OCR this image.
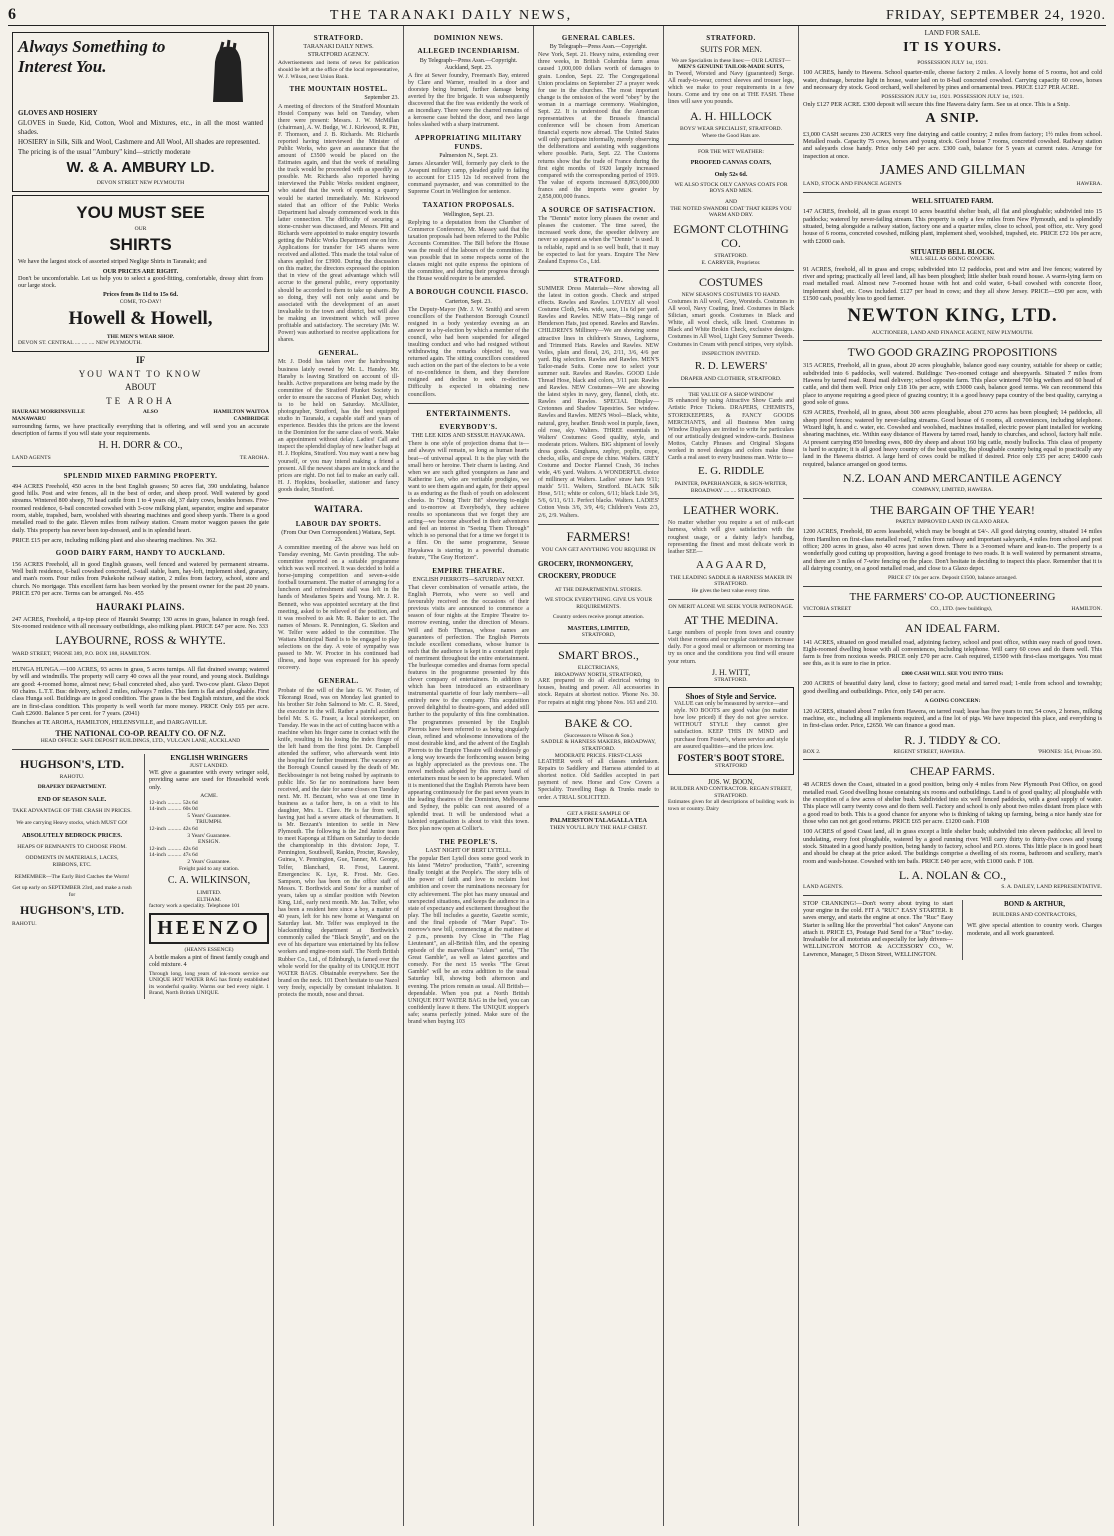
6	THE TARANAKI DAILY NEWS,	FRIDAY, SEPTEMBER 24, 1920.
Always Something to Interest You.
GLOVES AND HOSIERY

GLOVES in Suede, Kid, Cotton, Wool and Mixtures, etc., in all the most wanted shades.

HOSIERY in Silk, Silk and Wool, Cashmere and All Wool, All shades are represented.

The pricing is of the usual "Ambury" kind—strictly moderate

W. & A. AMBURY LD.
DEVON STREET NEW PLYMOUTH
YOU MUST SEE
OUR
SHIRTS

We have the largest stock of assorted striped Neglige Shirts in Taranaki; and

OUR PRICES ARE RIGHT.

Don't be uncomfortable. Let us help you to select a good-fitting, comfortable, dressy shirt from our large stock.

Prices from 8s 11d to 15s 6d.
COME, TO-DAY!
Howell & Howell,
THE MEN'S WEAR SHOP.
DEVON ST. CENTRAL .... .... .... NEW PLYMOUTH.
IF
YOU WANT TO KNOW
ABOUT
TE AROHA
HAURAKI MORRINSVILLE MANAWARU
ALSO	HAMILTON WAITOA CAMBRIDGE

surrounding farms, we have practically everything that is offering, and will send you an accurate description of farms if you will state your requirements.

H. H. DORR & CO.,
LAND AGENTS	TE AROHA.
SPLENDID MIXED FARMING PROPERTY.

494 ACRES Freehold, 450 acres in the best English grasses; 50 acres flat, 390 undulating, balance good hills. Post and wire fences, all in the best of order, and sheep proof. Well watered by good streams. Wintered 800 sheep, 70 head cattle from 1 to 4 years old, 37 dairy cows, besides horses. Five-roomed residence, 6-bail concreted cowshed with 3-cow milking plant, separator, engine and separator room, stable, trapshed, barn, woolshed with shearing machines and good sheep yards. There is a good metalled road to the gate. Eleven miles from railway station. Cream motor waggon passes the gate daily. This property has never been top-dressed, and is in splendid heart.

PRICE £15 per acre, including milking plant and also shearing machines. No. 362.

GOOD DAIRY FARM, HANDY TO AUCKLAND.

156 ACRES Freehold, all in good English grasses, well fenced and watered by permanent streams. Well built residence, 6-bail cowshed concreted, 3-stall stable, barn, hay-loft, implement shed, granary, and man's room. Four miles from Pukekohe railway station, 2 miles from factory, school, store and church. No mortgage. This excellent farm has been worked by the present owner for the past 20 years. PRICE £70 per acre. Terms can be arranged. No. 455

HAURAKI PLAINS.

247 ACRES, Freehold, a tip-top piece of Hauraki Swamp; 130 acres in grass, balance in rough feed. Six-roomed residence with all necessary outbuildings, also milking plant. PRICE £47 per acre. No. 333

LAYBOURNE, ROSS & WHYTE.
WARD STREET, 'PHONE 389, P.O. BOX 188, HAMILTON.

HUNGA HUNGA.—100 ACRES, 93 acres in grass, 5 acres turnips. All flat drained swamp; watered by will and windmills. The property will carry 40 cows all the year round, and young stock. Buildings are good: 4-roomed home, almost new; 6-bail concreted shed, also yard. Two-cow plant. Glaxo Depot 60 chains. L.T.T. Bus: delivery, school 2 miles, railways 7 miles. This farm is flat and ploughable. First class Hunga soil. Buildings are in good condition. The grass is the best English mixture, and the stock are in first-class condition. This property is well worth far more money. PRICE Only £65 per acre. Cash £2600. Balance 5 per cent. for 7 years. (2041)

Branches at TE AROHA, HAMILTON, HELENSVILLE, and DARGAVILLE.

THE NATIONAL CO-OP. REALTY CO. OF N.Z.
HEAD OFFICE: SAFE DEPOSIT BUILDINGS, LTD., VULCAN LANE, AUCKLAND
HUGHSON'S, LTD.
RAHOTU.
DRAPERY DEPARTMENT.
END OF SEASON SALE.
TAKE ADVANTAGE OF THE CRASH IN PRICES.
We are carrying Heavy stocks, which MUST GO!
ABSOLUTELY BEDROCK PRICES.
HEAPS OF REMNANTS TO CHOOSE FROM.
ODDMENTS IN MATERIALS, LACES, RIBBONS, ETC.
REMEMBER—The Early Bird Catches the Worm!
Get up early on SEPTEMBER 23rd, and make a rush for
HUGHSON'S, LTD.
RAHOTU.
ENGLISH WRINGERS
JUST LANDED.

WE give a guarantee with every wringer sold, providing same are used for Household work only.

ACME.
12-inch .......... 52s 6d
14-inch .......... 60s 0d
5 Years' Guarantee.
TRIUMPH.
12-inch .......... 42s 6d
3 Years' Guarantee.
ENSIGN.
12-inch .......... 42s 6d
14-inch .......... 47s 6d
2 Years' Guarantee.
Freight paid to any station.
C. A. WILKINSON,
LIMITED.
ELTHAM.
factory work a speciality. Telephone 101
HEENZO
(HEAN'S ESSENCE)

A bottle makes a pint of finest family cough and cold mixture. 4

Through long, long years of ink-room service our UNIQUE HOT WATER BAG has firmly established its wonderful quality. Warms our bed every night. 1 Brand, North British UNIQUE.

STRATFORD.
TARANAKI DAILY NEWS.
STRATFORD AGENCY.

Advertisements and items of news for publication should be left at the office of the local representative, W. J. Wilson, next Union Bank.

THE MOUNTAIN HOSTEL.
September 23.

A meeting of directors of the Stratford Mountain Hostel Company was held on Tuesday, when there were present: Messrs. J. W. McMillan (chairman), A. W. Budge, W. J. Kirkwood, R. Pitt, F. Thomson, and J. B. Richards. Mr. Richards reported having interviewed the Minister of Public Works, who gave an assurance that the amount of £3500 would be placed on the Estimates again, and that the work of metalling the track would be proceeded with as speedily as possible. Mr. Richards also reported having interviewed the Public Works resident engineer, who stated that the work of opening a quarry would be started immediately. Mr. Kirkwood stated that an officer of the Public Works Department had already commenced work in this latter connection. The difficulty of securing a stone-crusher was discussed, and Messrs. Pitt and Richards were appointed to make enquiry towards getting the Public Works Department one on hire. Applications for transfer for 145 shares were received and allotted. This made the total value of shares applied for £3900. During the discussion on this matter, the directors expressed the opinion that in view of the great advantage which will accrue to the general public, every opportunity should be accorded to them to take up shares. By so doing, they will not only assist and be associated with the development of an asset invaluable to the town and district, but will also be making an investment which will prove profitable and satisfactory. The secretary (Mr. W. Power) was authorised to receive applications for shares.

GENERAL.

Mr. J. Dodd has taken over the hairdressing business lately owned by Mr. L. Hansby. Mr. Hansby is leaving Stratford on account of ill-health. Active preparations are being made by the committee of the Stratford Plunket Society in order to ensure the success of Plunket Day, which is to be held on Saturday. McAllister, photographer, Stratford, has the best equipped studio in Taranaki, a capable staff and years of experience. Besides this the prices are the lowest in the Dominion for the same class of work. Make an appointment without delay. Ladies! Call and inspect the splendid display of new leather bags at H. J. Hopkins, Stratford. You may want a new bag yourself, or you may intend making a friend a present. All the newest shapes are in stock and the prices are right. Do not fail to make an early call. H. J. Hopkins, bookseller, stationer and fancy goods dealer, Stratford.

WAITARA.
LABOUR DAY SPORTS.
(From Our Own Correspondent.) Waitara, Sept. 23.

A committee meeting of the above was held on Tuesday evening, Mr. Gavin presiding. The sub-committee reported on a suitable programme which was well received. It was decided to hold a horse-jumping competition and seven-a-side football tournament. The matter of arranging for a luncheon and refreshment stall was left in the hands of Mesdames Speirs and Young. Mr. J. R. Bennett, who was appointed secretary at the first meeting, asked to be relieved of the position, and it was resolved to ask Mr. R. Baker to act. The names of Messrs. R. Pennington, G. Skelton and W. Telfer were added to the committee. The Waitara Municipal Band is to be engaged to play selections on the day. A vote of sympathy was passed to Mr. W. Proctor in his continued bad illness, and hope was expressed for his speedy recovery.

GENERAL.

Probate of the will of the late G. W. Foster, of Tikorangi Road, was on Monday last granted to his brother Sir John Salmond to Mr. C. R. Steed, the executor in the will. Rather a painful accident befel Mr. S. G. Fraser, a local storekeeper, on Tuesday. He was in the act of cutting bacon with a machine when his finger came in contact with the knife, resulting in his losing the index finger of the left hand from the first joint. Dr. Campbell attended the sufferer, who afterwards went into the hospital for further treatment. The vacancy on the Borough Council caused by the death of Mr. Beckbossinger is not being rushed by aspirants to public life. So far no nominations have been received, and the date for same closes on Tuesday next. Mr. H. Bezzant, who was at one time in business as a tailor here, is on a visit to his daughter, Mrs. L. Clare. He is far from well, having just had a severe attack of rheumatism. It is Mr. Bezzant's intention to settle in New Plymouth. The following is the 2nd Junior team to meet Kaponga at Eltham on Saturday to decide the championship in this division: Jope, T. Pennington, Southwell, Rankin, Procter, Rawsley, Guinea, V. Pennington, Gue, Tanner, M. George, Telfer, Blanchard, R. Frost, Laurent. Emergencies: K. Lye, R. Frost. Mr. Geo. Sampson, who has been on the office staff of Messrs. T. Borthwick and Sons' for a number of years, takes up a similar position with Newton King, Ltd., early next month. Mr. Jas. Telfer, who has been a resident here since a boy, a matter of 40 years, left for his new home at Wanganui on Saturday last. Mr. Telfer was employed in the blacksmithing department at Borthwick's commonly called the "Black Smyth", and on the eve of his departure was entertained by his fellow workers and engine-room staff. The North British Rubber Co., Ltd., of Edinburgh, is famed over the whole world for the quality of its UNIQUE HOT WATER BAGS. Obtainable everywhere. See the brand on the neck. 101 Don't hesitate to use Nazol very freely, especially by constant inhalation. It protects the mouth, nose and throat.

DOMINION NEWS.
ALLEGED INCENDIARISM.
By Telegraph—Press Assn.—Copyright. Auckland, Sept. 23.

A fire at Sewer foundry, Freeman's Bay, entered by Clare and Warner, resulted in a door and doorstep being burned, further damage being averted by the fire brigade. It was subsequently discovered that the fire was evidently the work of an incendiary. There were the charred remains of a kerosene case behind the door, and two large holes slashed with a sharp instrument.

APPROPRIATING MILITARY FUNDS.
Palmerston N., Sept. 23.

James Alexander Will, formerly pay clerk to the Awapuni military camp, pleaded guilty to failing to account for £115 12s 1d received from the command paymaster, and was committed to the Supreme Court in Wellington for sentence.

TAXATION PROPOSALS.
Wellington, Sept. 23.

Replying to a deputation from the Chamber of Commerce Conference, Mr. Massey said that the taxation proposals had been referred to the Public Accounts Committee. The Bill before the House was the result of the labours of the committee. It was possible that in some respects some of the clauses might not quite express the opinions of the committee, and during their progress through the House would require to be amended.

A BOROUGH COUNCIL FIASCO.
Carterton, Sept. 23.

The Deputy-Mayor (Mr. J. W. Smith) and seven councillors of the Featherston Borough Council resigned in a body yesterday evening as an answer to a by-election by which a member of the council, who had been suspended for alleged insulting conduct and who had resigned without withdrawing the remarks objected to, was returned again. The sitting councillors considered such action on the part of the electors to be a vote of no-confidence in them, and they therefore resigned and decline to seek re-election. Difficulty is expected in obtaining new councillors.

ENTERTAINMENTS.
EVERYBODY'S.
THE LEE KIDS AND SESSUE HAYAKAWA.

There is one style of projection drama that is—and always will remain, so long as human hearts beat—of universal appeal. It is the play with the small hero or heroine. Their charm is lasting. And when we are such gifted youngsters as Jane and Katherine Lee, who are veritable prodigies, we want to see them again and again, for their appeal is as enduring as the flush of youth on adolescent cheeks. In "Doing Their Bit" showing to-night and to-morrow at Everybody's, they achieve results so spontaneous that we forget they are acting—we become absorbed in their adventures and feel an interest in "Seeing Them Through" which is so personal that for a time we forget it is a film. On the same programme, Sessue Hayakawa is starring in a powerful dramatic feature, "The Gray Horizon".

EMPIRE THEATRE.
ENGLISH PIERROTS—SATURDAY NEXT.

That clever combination of versatile artists, the English Pierrots, who were so well and favourably received on the occasions of their previous visits are announced to commence a season of four nights at the Empire Theatre to-morrow evening, under the direction of Messrs. Will and Bob Thomas, whose names are guarantees of perfection. The English Pierrots include excellent comedians, whose humor is such that the audience is kept in a constant ripple of merriment throughout the entire entertainment. The burlesque comedies and dramas form special features in the programme presented by this clever company of entertainers. In addition to which has been introduced an extraordinary instrumental quartette of four lady members—all entirely new to the company. This acquisition proved delightful to theatre-goers, and added still further to the popularity of this fine combination. The programmes presented by the English Pierrots have been referred to as being singularly clean, refined and wholesome innovations of the most desirable kind, and the advent of the English Pierrots to the Empire Theatre will doubtlessly go a long way towards the forthcoming season being as highly appreciated as the previous one. The novel methods adopted by this merry band of entertainers must be seen to be appreciated. When it is mentioned that the English Pierrots have been appearing continuously for the past seven years in the leading theatres of the Dominion, Melbourne and Sydney, the public can rest assured of a splendid treat. It will be understood what a talented organisation is about to visit this town. Box plan now open at Collier's.

THE PEOPLE'S.
LAST NIGHT OF BERT LYTELL.

The popular Bert Lytell does some good work in his latest "Metro" production, "Faith", screening finally tonight at the People's. The story tells of the power of faith and love to reclaim lost ambition and cover the ruminations necessary for city achievement. The plot has many unusual and unexpected situations, and keeps the audience in a state of expectancy and excitement throughout the play. The bill includes a gazette, Gazette scenic, and the final episode of "Marr Papa". To-morrow's new bill, commencing at the matinee at 2 p.m., presents Ivy Close in "The Flag Lieutenant", an all-British film, and the opening episode of the marvellous "Adam" serial, "The Great Gamble", as well as latest gazettes and comedy. For the next 15 weeks "The Great Gamble" will be an extra addition to the usual Saturday bill, showing both afternoon and evening. The prices remain as usual. All British—dependable. When you put a North British UNIQUE HOT WATER BAG in the bed, you can confidently leave it there. The UNIQUE stopper's safe; seams perfectly joined. Make sure of the brand when buying 103

GENERAL CABLES.
By Telegraph—Press Assn.—Copyright.

New York, Sept. 21. Heavy rains, extending over three weeks, in British Columbia farm areas caused 1,000,000 dollars worth of damages to grain. London, Sept. 22. The Congregational Union proclaims on September 27 a prayer week for use in the churches. The most important change is the omission of the word "obey" by the woman in a marriage ceremony. Washington, Sept. 22. It is understood that the American representatives at the Brussels financial conference will be chosen from American financial experts now abroad. The United States will only participate informally, merely observing the deliberations and assisting with suggestions where possible. Paris, Sept. 22. The Customs returns show that the trade of France during the first eight months of 1920 largely increased compared with the corresponding period of 1919. The value of exports increased 8,863,000,000 francs and the imports were greater by 2,858,000,000 francs.

A SOURCE OF SATISFACTION.

The "Dennis" motor lorry pleases the owner and pleases the customer. The time saved, the increased work done, the speedier delivery are never so apparent as when the "Dennis" is used. It is reliable, rapid and is so well built, that it may be expected to last for years. Enquire The New Zealand Express Co., Ltd.

STRATFORD.

SUMMER Dress Materials—Now showing all the latest in cotton goods. Check and striped effects. Rawles and Rawles. LOVELY all wool Costume Cloth, 54in. wide, saxe, 11s 6d per yard. Rawles and Rawles. NEW Hats—Big range of Henderson Hats, just opened. Rawles and Rawles. CHILDREN'S Millinery—We are showing some attractive lines in children's Straws, Leghorns, and Trimmed Hats. Rawles and Rawles. NEW Voiles, plain and floral, 2/6, 2/11, 3/6, 4/6 per yard. Big selection. Rawles and Rawles. MEN'S Tailor-made Suits. Come now to select your summer suit. Rawles and Rawles. GOOD Lisle Thread Hose, black and colors, 3/11 pair. Rawles and Rawles. NEW Costumes—We are showing the latest styles in navy, grey, flannel, cloth, etc. Rawles and Rawles. SPECIAL Display—Cretonnes and Shadow Tapestries. See window. Rawles and Rawles. MEN'S Wool—Black, white, natural, grey, heather. Brush wool in purple, fawn, old rose, sky. Walters. THREE essentials in Walters' Costumes: Good quality, style, and moderate prices. Walters. BIG shipment of lovely dress goods. Ginghams, zephyr, poplin, crepe, checks, silks, and crepe de chine. Walters. GREY Costume and Doctor Flannel Crash, 36 inches wide, 4/6 yard. Walters. A WONDERFUL choice of millinery at Walters. Ladies' straw hats 9/11; maids' 5/11. Walters, Stratford. BLACK Silk Hose, 5/11; white or colors, 6/11; black Lisle 3/6, 5/6, 6/11, 6/11. Perfect blacks. Walters. LADIES' Cotton Vests 3/6, 3/9, 4/6; Children's Vests 2/3, 2/6, 2/9. Walters.

FARMERS!
YOU CAN GET ANYTHING YOU REQUIRE IN
GROCERY, IRONMONGERY, CROCKERY, PRODUCE
AT THE DEPARTMENTAL STORES.
WE STOCK EVERYTHING. GIVE US YOUR REQUIREMENTS.
Country orders receive prompt attention.
MASTERS, LIMITED,
STRATFORD,
SMART BROS.,
ELECTRICIANS,
BROADWAY NORTH, STRATFORD,

ARE prepared to do all electrical wiring to houses, heating and power. All accessories in stock. Repairs at shortest notice. 'Phone No. 30. For repairs at night ring 'phone Nos. 163 and 210.

BAKE & CO.
(Successors to Wilson & Son.)
SADDLE & HARNESS MAKERS, BROADWAY, STRATFORD.
MODERATE PRICES. FIRST-CLASS

LEATHER work of all classes undertaken. Repairs to Saddlery and Harness attended to at shortest notice. Old Saddles accepted in part payment of new. Horse and Cow Covers a Speciality. Travelling Bags & Trunks made to order. A TRIAL SOLICITED.

GET A FREE SAMPLE OF
PALMERSTON TALAGALLA TEA
THEN YOU'LL BUY THE HALF CHEST.
STRATFORD.
SUITS FOR MEN.
We are Specialists in these lines:— OUR LATEST—
MEN'S GENUINE TAILOR-MADE SUITS,

In Tweed, Worsted and Navy (guaranteed) Serge. All ready-to-wear, correct sleeves and trouser legs, which we make to your requirements in a few hours. Come and try one on at THE FASH. These lines will save you pounds.

A. H. HILLOCK
BOYS' WEAR SPECIALIST, STRATFORD.
Where the Good Hats are.
FOR THE WET WEATHER:
PROOFED CANVAS COATS,
Only 52s 6d.
WE ALSO STOCK OILY CANVAS COATS FOR BOYS AND MEN.
AND
THE NOTED SWANDRI COAT THAT KEEPS YOU WARM AND DRY.
EGMONT CLOTHING CO.
STRATFORD.
E. CARRYER, Proprietor.
COSTUMES
NEW SEASON'S COSTUMES TO HAND.

Costumes in All wool, Grey, Worsteds. Costumes in All wool, Navy Coating, lined. Costumes in Black Silician, smart goods. Costumes in Black and White, all wool check, silk lined. Costumes in Black and White Brokin Check, exclusive designs. Costumes in All Wool, Light Grey Summer Tweeds. Costumes in Cream with pencil stripes, very stylish.

INSPECTION INVITED.
R. D. LEWERS'
DRAPER AND CLOTHIER, STRATFORD.
THE VALUE OF A SHOP WINDOW

IS enhanced by using Attractive Show Cards and Artistic Price Tickets. DRAPERS, CHEMISTS, STOREKEEPERS, & FANCY GOODS MERCHANTS, and all Business Men using Window Displays are invited to write for particulars of our artistically designed window-cards. Business Mottos, Catchy Phrases and Original Slogans worked in novel designs and colors make these Cards a real asset to every business man. Write to—

E. G. RIDDLE
PAINTER, PAPERHANGER, & SIGN-WRITER,
BROADWAY .... .... STRATFORD.
LEATHER WORK.

No matter whether you require a set of milk-cart harness, which will give satisfaction with the roughest usage, or a dainty lady's handbag, representing the finest and most delicate work in leather SEE—

A A G A A R D,
THE LEADING SADDLE & HARNESS MAKER IN STRATFORD.
He gives the best value every time.
ON MERIT ALONE WE SEEK YOUR PATRONAGE.
AT THE MEDINA.

Large numbers of people from town and country visit these rooms and our regular customers increase daily. For a good meal or afternoon or morning tea try us once and the conditions you find will ensure your return.

J. H. WITT,
STRATFORD.
Shoes of Style and Service.

VALUE can only be measured by service—and style. NO BOOTS are good value (no matter how low priced) if they do not give service. WITHOUT STYLE they cannot give satisfaction. KEEP THIS IN MIND and purchase from Foster's, where service and style are assured qualities—and the prices low.

FOSTER'S BOOT STORE.
STRATFORD
JOS. W. BOON,
BUILDER AND CONTRACTOR. REGAN STREET, STRATFORD.

Estimates given for all descriptions of building work in town or country. Dairy

LAND FOR SALE.
IT IS YOURS.
POSSESSION JULY 1st, 1921.

100 ACRES, handy to Hawera. School quarter-mile, cheese factory 2 miles. A lovely home of 5 rooms, hot and cold water, drainage, benzine light in house, water laid on to 8-bail concreted cowshed. Carrying capacity 60 cows, horses and necessary dry stock. Good orchard, well sheltered by pines and ornamental trees. PRICE £127 PER ACRE.

POSSESSION JULY 1st, 1921. POSSESSION JULY 1st, 1921.

Only £127 PER ACRE. £300 deposit will secure this fine Hawera dairy farm. See us at once. This is a Snip.

A SNIP.

£3,000 CASH secures 230 ACRES very fine dairying and cattle country; 2 miles from factory; 1½ miles from school. Metalled roads. Capacity 75 cows, horses and young stock. Good house 7 rooms, concreted cowshed. Railway station and saleyards close handy. Price only £40 per acre. £300 cash, balance for 5 years at current rates. Arrange for inspection at once.

JAMES AND GILLMAN
LAND, STOCK AND FINANCE AGENTS	HAWERA.
WELL SITUATED FARM.

147 ACRES, freehold, all in grass except 10 acres beautiful shelter bush, all flat and ploughable; subdivided into 15 paddocks; watered by never-failing stream. This property is only a few miles from New Plymouth, and is splendidly situated, being alongside a railway station, factory one and a quarter miles, close to school, post office, etc. Very good house of 6 rooms, concreted cowshed, milking plant, implement shed, woolshed, trapshed, etc. PRICE £72 10s per acre, with £2000 cash.

SITUATED BELL BLOCK.
WILL SELL AS GOING CONCERN.

91 ACRES, freehold, all in grass and crops; subdivided into 12 paddocks, post and wire and live fences; watered by river and spring; practically all level land, all has been ploughed; little shelter bush round house. A warm-lying farm on road metalled road. Almost new 7-roomed house with hot and cold water, 6-bail cowshed with concrete floor, implement shed, etc. Cows included. £127 per head in cows; and they all show Jersey. PRICE—£90 per acre, with £1500 cash, possibly less to good farmer.

NEWTON KING, LTD.
AUCTIONEER, LAND AND FINANCE AGENT, NEW PLYMOUTH.
TWO GOOD GRAZING PROPOSITIONS

315 ACRES, Freehold, all in grass, about 20 acres ploughable, balance good easy country, suitable for sheep or cattle; subdivided into 6 paddocks, well watered. Buildings: Two-roomed cottage and sheepyards. Situated 7 miles from Hawera by tarred road. Rural mail delivery; school opposite farm. This place wintered 700 big wethers and 60 head of cattle, and did them well. Price only £18 10s per acre, with £3000 cash, balance good terms. We can recommend this place to anyone requiring a good piece of grazing country; it is a good heavy papa country of the best quality, carrying a good sole of grass.

639 ACRES, Freehold, all in grass, about 300 acres ploughable, about 270 acres has been ploughed; 14 paddocks, all sheep proof fences; watered by never-failing streams. Good house of 6 rooms, all conveniences, including telephone. Wizard light, h. and c. water, etc. Cowshed and woolshed, machines installed, electric power plant installed for working shearing machines, etc. Within easy distance of Hawera by tarred road, handy to churches, and school, factory half mile. At present carrying 850 breeding ewes, 800 dry sheep and about 160 big cattle, mostly bullocks. This class of property is hard to acquire; it is all good heavy country of the best quality, the ploughable country being equal to practically any land in the Hawera district. A large herd of cows could be milked if desired. Price only £35 per acre; £4000 cash required, balance arranged on good terms.

N.Z. LOAN AND MERCANTILE AGENCY
COMPANY, LIMITED, HAWERA.
THE BARGAIN OF THE YEAR!
PARTLY IMPROVED LAND IN GLAXO AREA.

1200 ACRES, Freehold, 80 acres leasehold, which may be bought at £4/-. All good dairying country, situated 14 miles from Hamilton on first-class metalled road, 7 miles from railway and important saleyards, 4 miles from school and post office; 200 acres in grass, also 40 acres just sown down. There is a 3-roomed whare and lean-to. The property is a wonderfully good cutting up proposition, having a good frontage to two roads. It is well watered by permanent streams, and there are 3 miles of 7-wire fencing on the place. Don't hesitate in deciding to inspect this place. Remember that it is all dairying country, on a good metalled road, and close to a Glaxo depot.

PRICE £7 10s per acre. Deposit £1500, balance arranged.
THE FARMERS' CO-OP. AUCTIONEERING
VICTORIA STREET	CO., LTD. (new buildings),	HAMILTON.
AN IDEAL FARM.

141 ACRES, situated on good metalled road, adjoining factory, school and post office, within easy reach of good town. Eight-roomed dwelling house with all conveniences, including telephone. Will carry 60 cows and do them well. This farm is free from noxious weeds. PRICE only £70 per acre. Cash required, £1500 with first-class mortgages. You must see this, as it is sure to rise in price.

£800 CASH WILL SEE YOU INTO THIS:

200 ACRES of beautiful dairy land, close to factory; good metal and tarred road; 1-mile from school and township; good dwelling and outbuildings. Price, only £40 per acre.

A GOING CONCERN:

120 ACRES, situated about 7 miles from Hawera, on tarred road; lease has five years to run; 54 cows, 2 horses, milking machine, etc., including all implements required, and a fine lot of pigs. We have inspected this place, and everything is in first-class order. Price, £2650. We can finance a good man.

R. J. TIDDY & CO.
BOX 2.	REGENT STREET, HAWERA.	'PHONES: 354, Private 393.
CHEAP FARMS.

48 ACRES down the Coast, situated in a good position, being only 4 miles from New Plymouth Post Office, on good metalled road. Good dwelling house containing six rooms and outbuildings. Land is of good quality; all ploughable with the exception of a few acres of shelter bush. Subdivided into six well fenced paddocks, with a good supply of water. This place will carry twenty cows and do them well. Factory and school is only about two miles distant from place with a good road to both. This is a good chance for anyone who is thinking of taking up farming, being a nice handy size for those who can not get good returns. PRICE £65 per acre. £1200 cash. F108

100 ACRES of good Coast land, all in grass except a little shelter bush; subdivided into eleven paddocks; all level to undulating, every foot ploughable, watered by a good running river. Will carry thirty to thirty-five cows and young stock. Situated in a good handy position, being handy to factory, school and P.O. stores. This little place is in good heart and should be cheap at the price asked. The buildings comprise a dwelling of six rooms, bathroom and scullery, man's room and wash-house. Cowshed with ten bails. PRICE £40 per acre, with £1000 cash. F 108.

L. A. NOLAN & CO.,
LAND AGENTS.	S. A. DAILEY, LAND REPRESENTATIVE.

STOP CRANKING!—Don't worry about trying to start your engine in the cold. FIT A "RUC" EASY STARTER. It saves energy, and starts the engine at once. The "Ruc" Easy Starter is selling like the proverbial "hot cakes" Anyone can attach it. PRICE £3, Postage Paid Send for a "Ruc" to-day. Invaluable for all motorists and especially for lady drivers—WELLINGTON MOTOR & ACCESSORY CO., W. Lawrence, Manager, 5 Dixon Street, WELLINGTON.

BOND & ARTHUR,
BUILDERS AND CONTRACTORS,

WE give special attention to country work. Charges moderate, and all work guaranteed.
